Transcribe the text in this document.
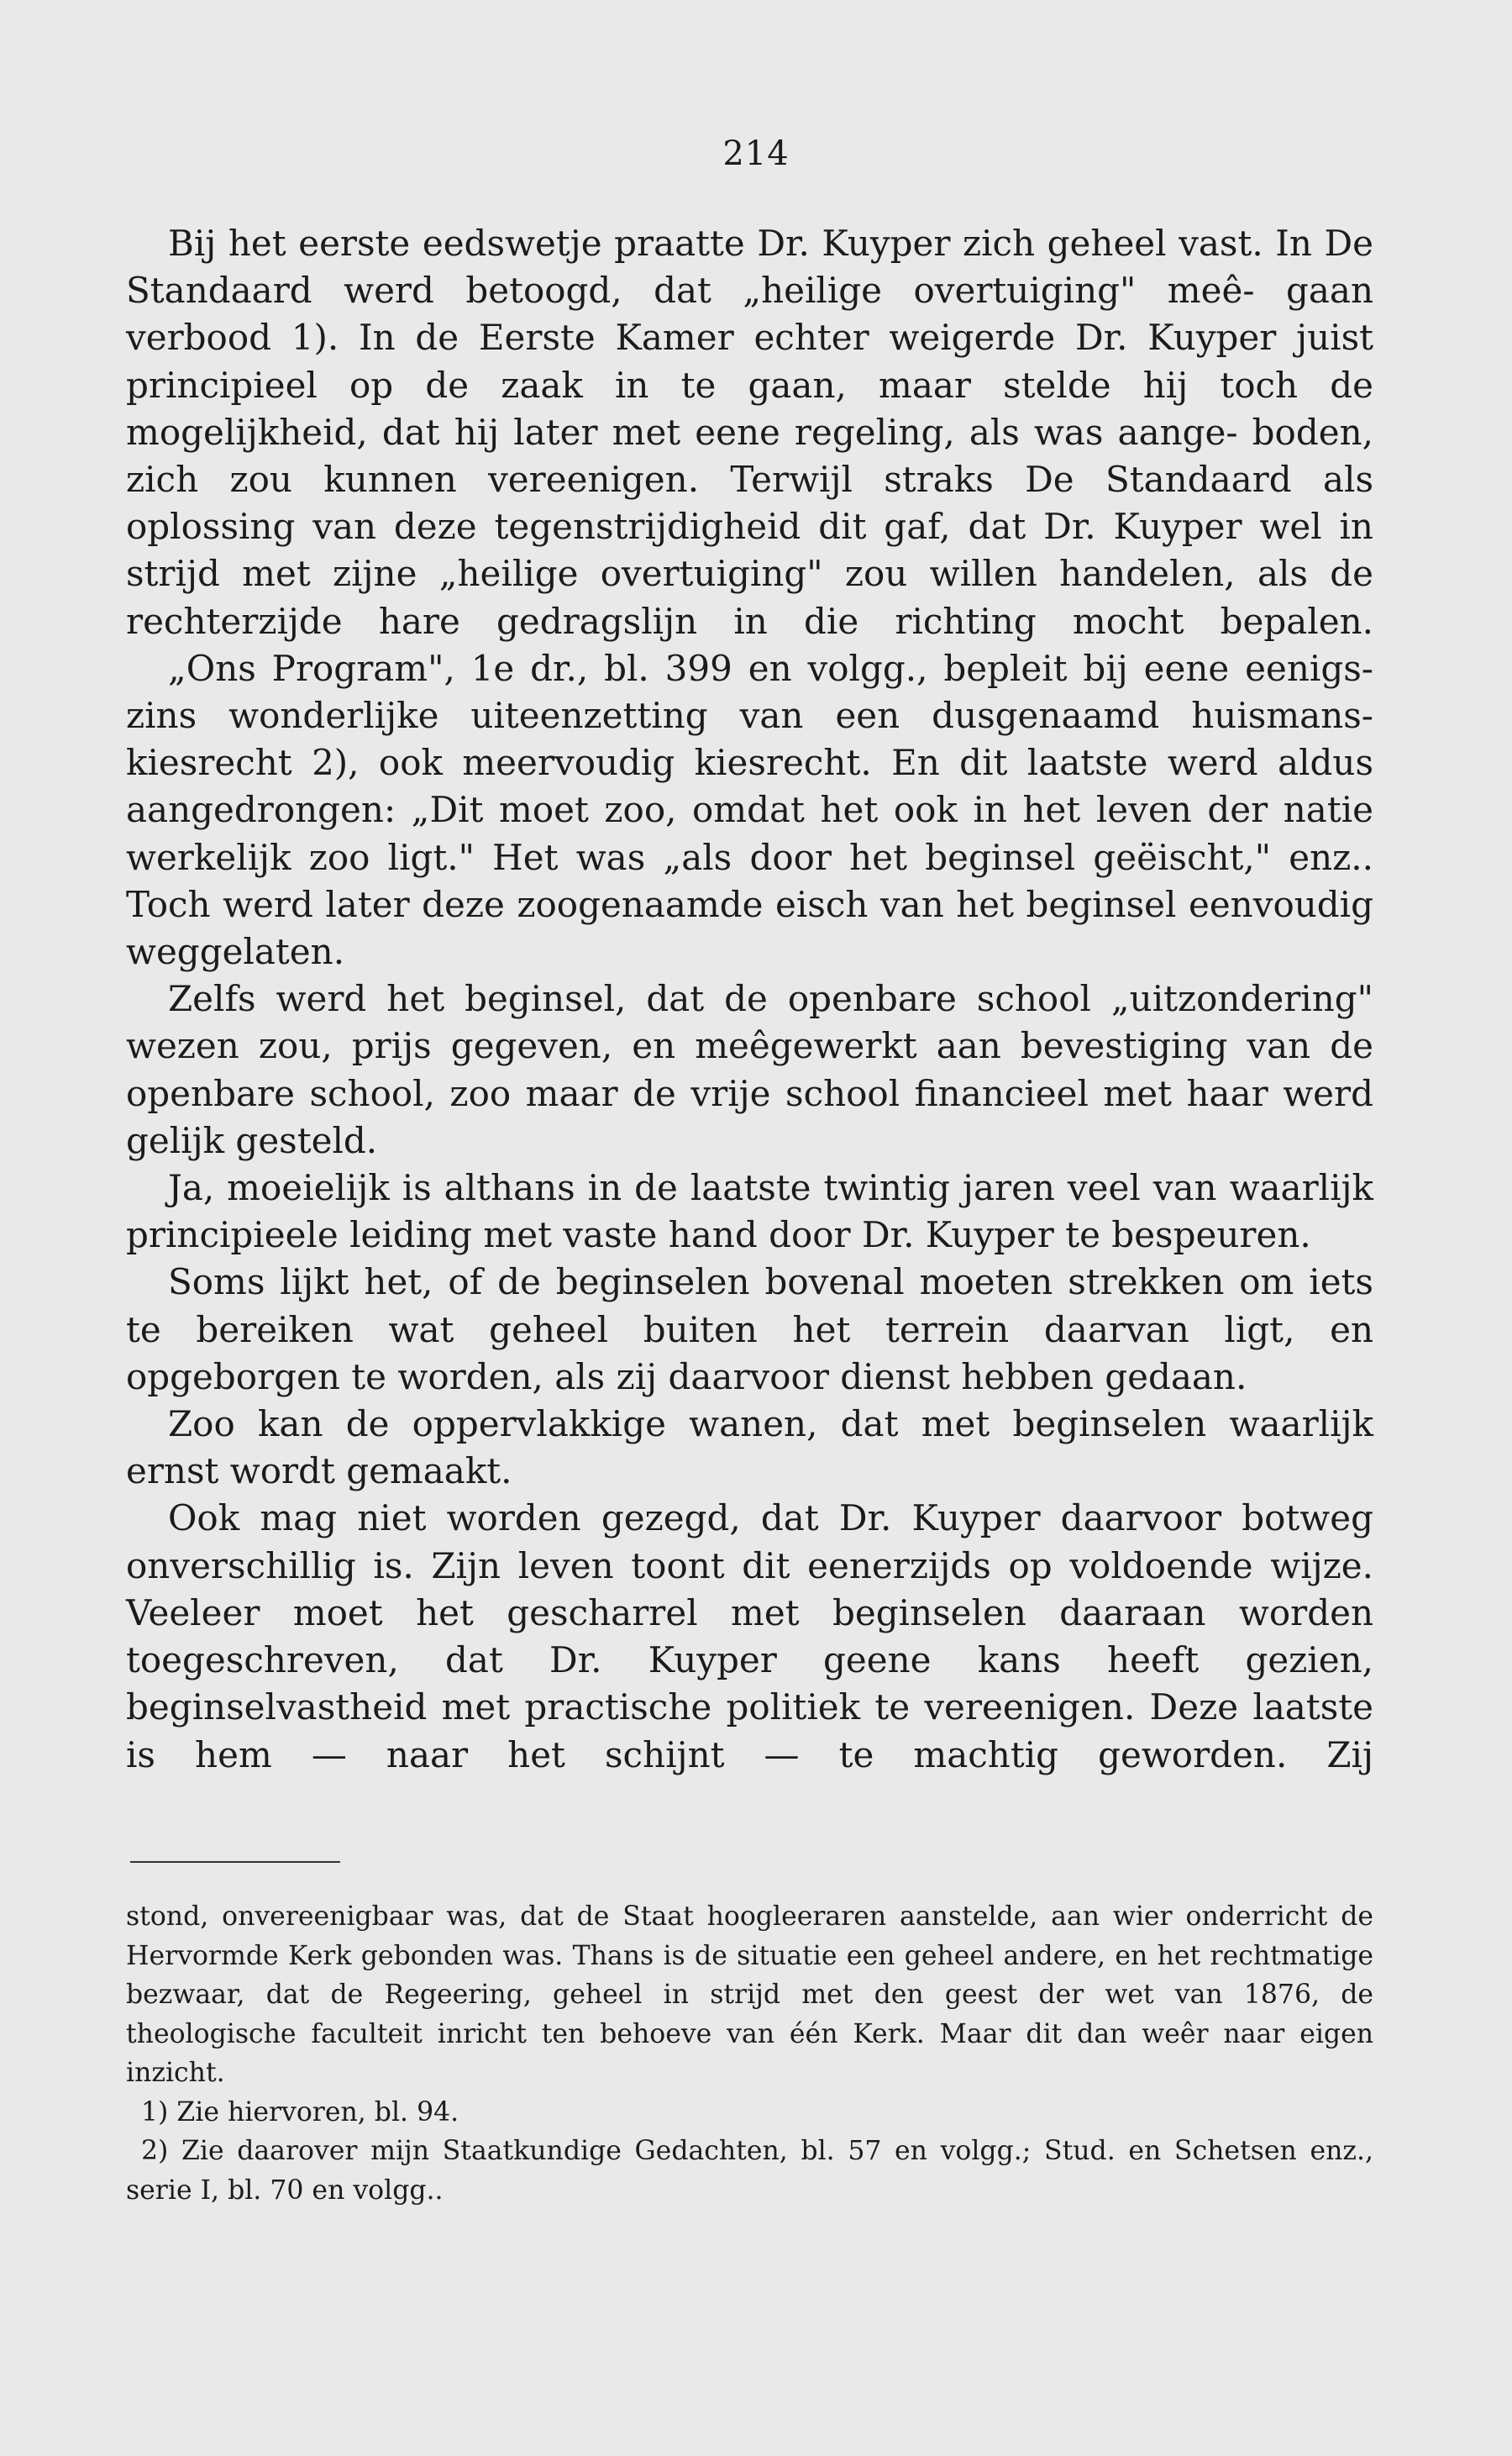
214

Bij het eerste eedswetje praatte Dr. Kuyper zich geheel vast. In De Standaard werd betoogd, dat „heilige overtuiging" meê- gaan verbood 1). In de Eerste Kamer echter weigerde Dr. Kuyper juist principieel op de zaak in te gaan, maar stelde hij toch de mogelijkheid, dat hij later met eene regeling, als was aange- boden, zich zou kunnen vereenigen. Terwijl straks De Standaard als oplossing van deze tegenstrijdigheid dit gaf, dat Dr. Kuyper wel in strijd met zijne „heilige overtuiging" zou willen handelen, als de rechterzijde hare gedragslijn in die richting mocht bepalen.

„Ons Program", 1e dr., bl. 399 en volgg., bepleit bij eene eenigs- zins wonderlijke uiteenzetting van een dusgenaamd huismans- kiesrecht 2), ook meervoudig kiesrecht. En dit laatste werd aldus aangedrongen: „Dit moet zoo, omdat het ook in het leven der natie werkelijk zoo ligt." Het was „als door het beginsel geëischt," enz.. Toch werd later deze zoogenaamde eisch van het beginsel eenvoudig weggelaten.

Zelfs werd het beginsel, dat de openbare school „uitzondering" wezen zou, prijs gegeven, en meêgewerkt aan bevestiging van de openbare school, zoo maar de vrije school financieel met haar werd gelijk gesteld.

Ja, moeielijk is althans in de laatste twintig jaren veel van waarlijk principieele leiding met vaste hand door Dr. Kuyper te bespeuren.

Soms lijkt het, of de beginselen bovenal moeten strekken om iets te bereiken wat geheel buiten het terrein daarvan ligt, en opgeborgen te worden, als zij daarvoor dienst hebben gedaan.

Zoo kan de oppervlakkige wanen, dat met beginselen waarlijk ernst wordt gemaakt.

Ook mag niet worden gezegd, dat Dr. Kuyper daarvoor botweg onverschillig is. Zijn leven toont dit eenerzijds op voldoende wijze. Veeleer moet het gescharrel met beginselen daaraan worden toegeschreven, dat Dr. Kuyper geene kans heeft gezien, beginselvastheid met practische politiek te vereenigen. Deze laatste is hem — naar het schijnt — te machtig geworden. Zij

stond, onvereenigbaar was, dat de Staat hoogleeraren aanstelde, aan wier onderricht de Hervormde Kerk gebonden was. Thans is de situatie een geheel andere, en het rechtmatige bezwaar, dat de Regeering, geheel in strijd met den geest der wet van 1876, de theologische faculteit inricht ten behoeve van één Kerk. Maar dit dan weêr naar eigen inzicht.

1) Zie hiervoren, bl. 94.

2) Zie daarover mijn Staatkundige Gedachten, bl. 57 en volgg.; Stud. en Schetsen enz., serie I, bl. 70 en volgg..
